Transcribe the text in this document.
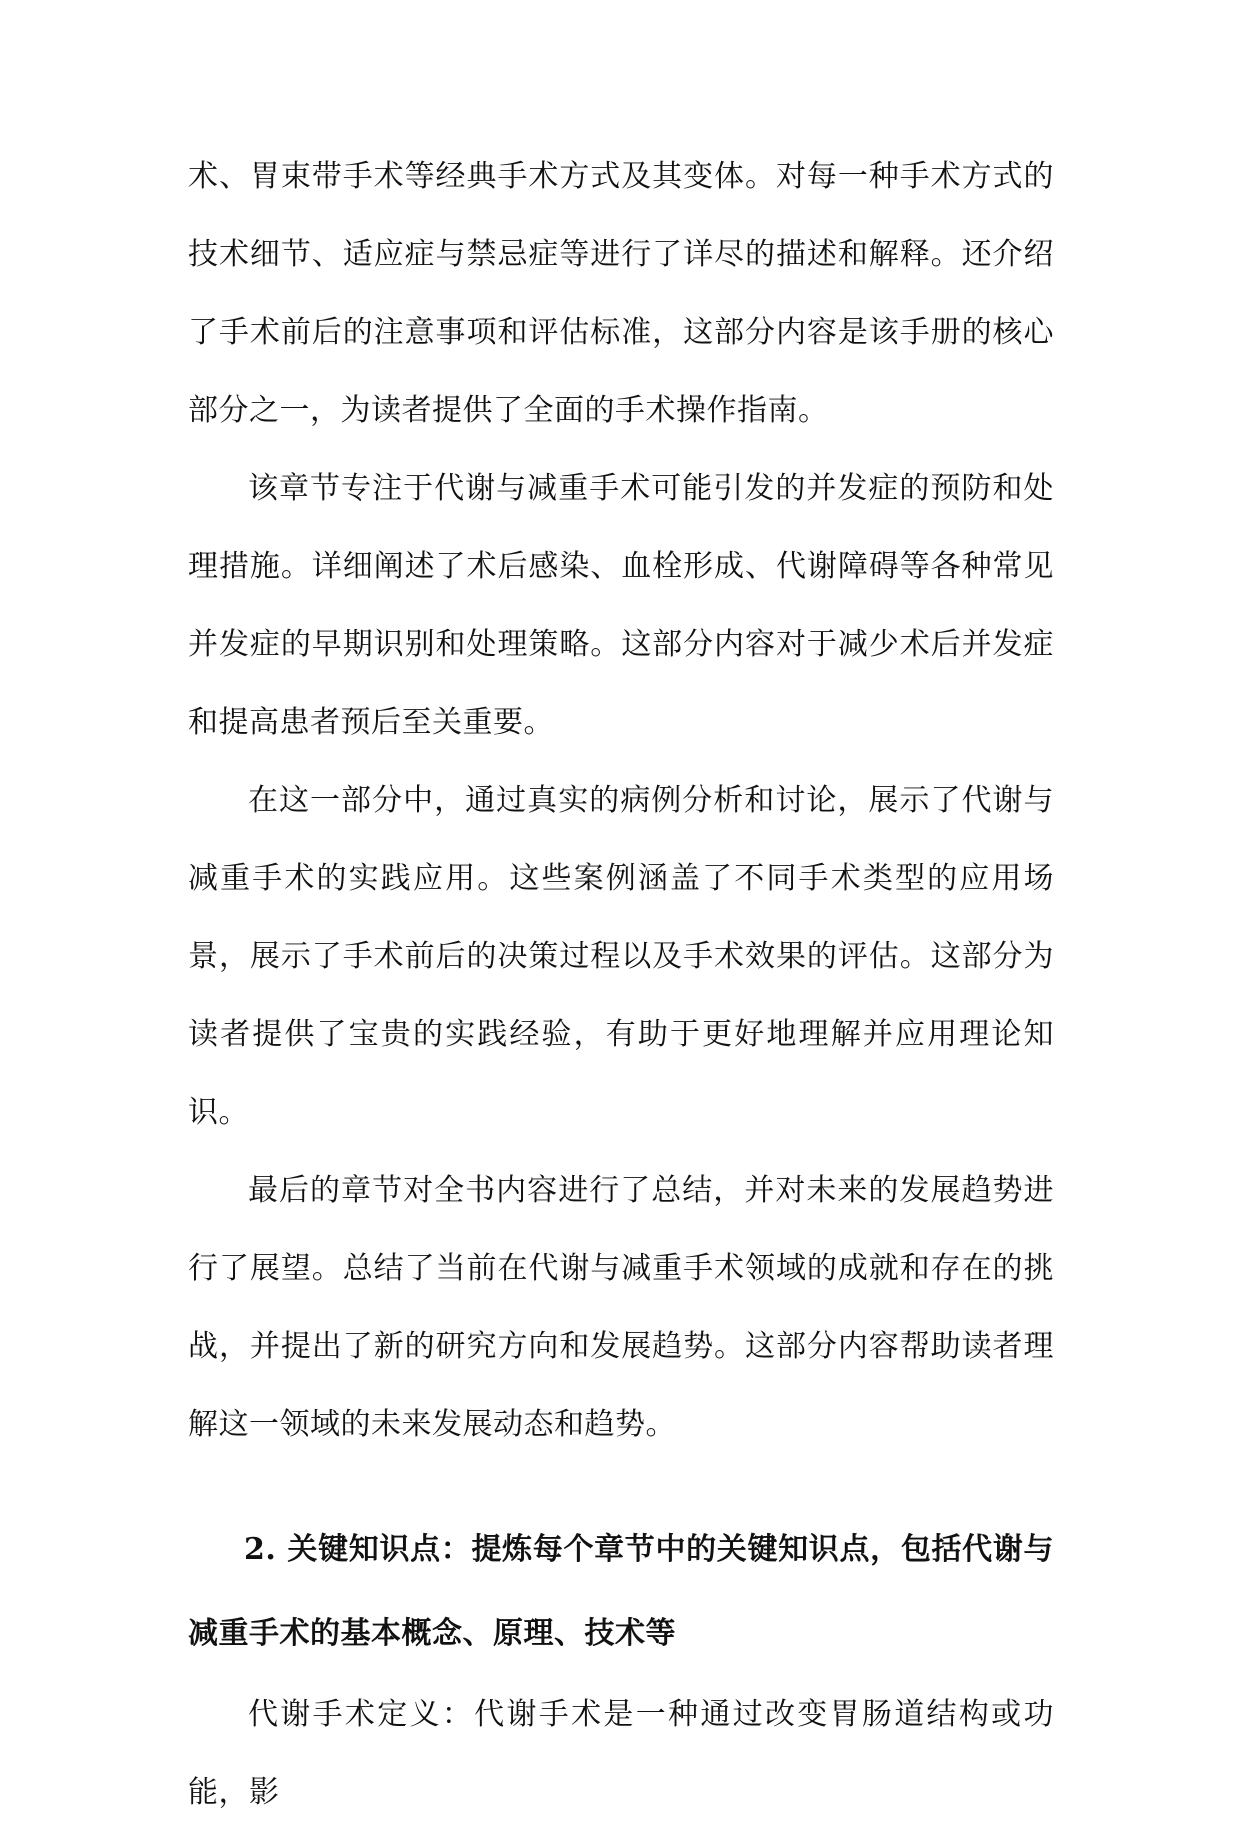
术、胃束带手术等经典手术方式及其变体。对每一种手术方式的技术细节、适应症与禁忌症等进行了详尽的描述和解释。还介绍了手术前后的注意事项和评估标准，这部分内容是该手册的核心部分之一，为读者提供了全面的手术操作指南。

该章节专注于代谢与减重手术可能引发的并发症的预防和处理措施。详细阐述了术后感染、血栓形成、代谢障碍等各种常见并发症的早期识别和处理策略。这部分内容对于减少术后并发症和提高患者预后至关重要。

在这一部分中，通过真实的病例分析和讨论，展示了代谢与减重手术的实践应用。这些案例涵盖了不同手术类型的应用场景，展示了手术前后的决策过程以及手术效果的评估。这部分为读者提供了宝贵的实践经验，有助于更好地理解并应用理论知识。

最后的章节对全书内容进行了总结，并对未来的发展趋势进行了展望。总结了当前在代谢与减重手术领域的成就和存在的挑战，并提出了新的研究方向和发展趋势。这部分内容帮助读者理解这一领域的未来发展动态和趋势。

2. 关键知识点：提炼每个章节中的关键知识点，包括代谢与减重手术的基本概念、原理、技术等

代谢手术定义：代谢手术是一种通过改变胃肠道结构或功能，影
